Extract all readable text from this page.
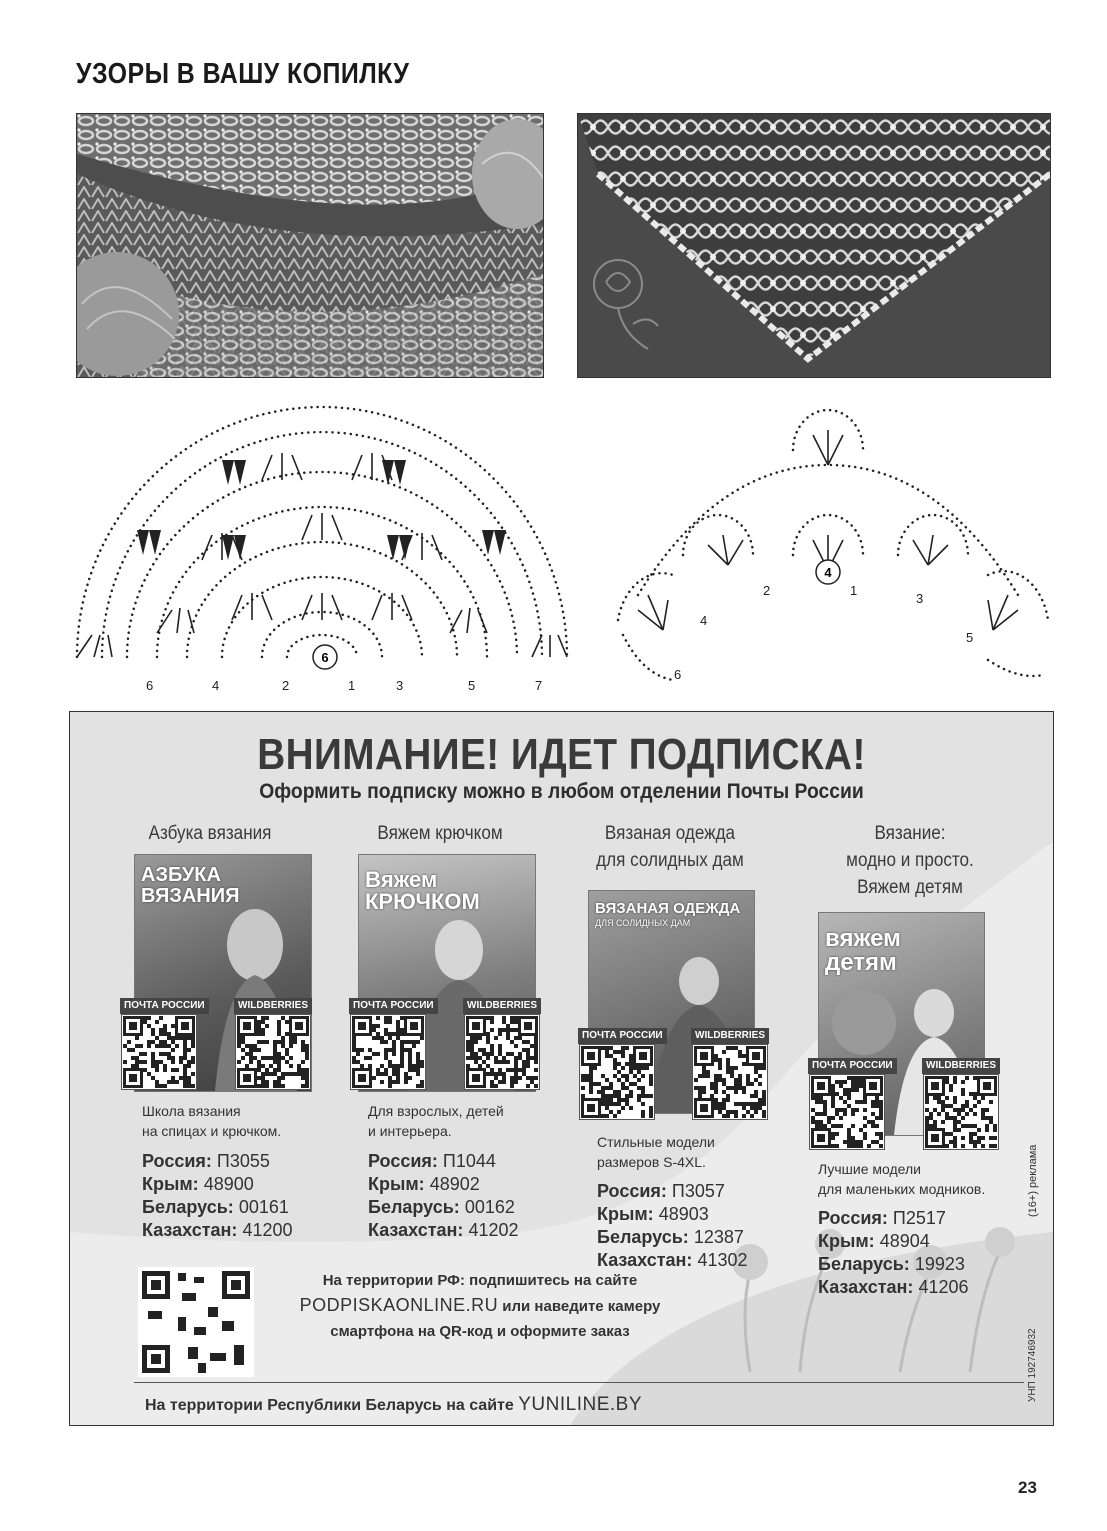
УЗОРЫ В ВАШУ КОПИЛКУ
6
6	4	2	1	3	5	7
4
2	1
3
4
5
6
ВНИМАНИЕ! ИДЕТ ПОДПИСКА!
Оформить подписку можно в любом отделении Почты России
Азбука вязания
АЗБУКА ВЯЗАНИЯ
ПОЧТА РОССИИ	WILDBERRIES
Школа вязания
на спицах и крючком.
Россия: П3055
Крым: 48900
Беларусь: 00161
Казахстан: 41200
Вяжем крючком
Вяжем КРЮЧКОМ
ПОЧТА РОССИИ	WILDBERRIES
Для взрослых, детей
и интерьера.
Россия: П1044
Крым: 48902
Беларусь: 00162
Казахстан: 41202
Вязаная одежда
для солидных дам
ВЯЗАНАЯ ОДЕЖДА
ДЛЯ СОЛИДНЫХ ДАМ
ПОЧТА РОССИИ	WILDBERRIES
Стильные модели
размеров S-4XL.
Россия: П3057
Крым: 48903
Беларусь: 12387
Казахстан: 41302
Вязание:
модно и просто.
Вяжем детям
вяжем детям
ПОЧТА РОССИИ	WILDBERRIES
Лучшие модели
для маленьких модников.
Россия: П2517
Крым: 48904
Беларусь: 19923
Казахстан: 41206
На территории РФ: подпишитесь на сайте
PODPISKAONLINE.RU или наведите камеру
смартфона на QR-код и оформите заказ
На территории Республики Беларусь на сайте YUNILINE.BY
(16+) реклама
УНП 192746932
23
